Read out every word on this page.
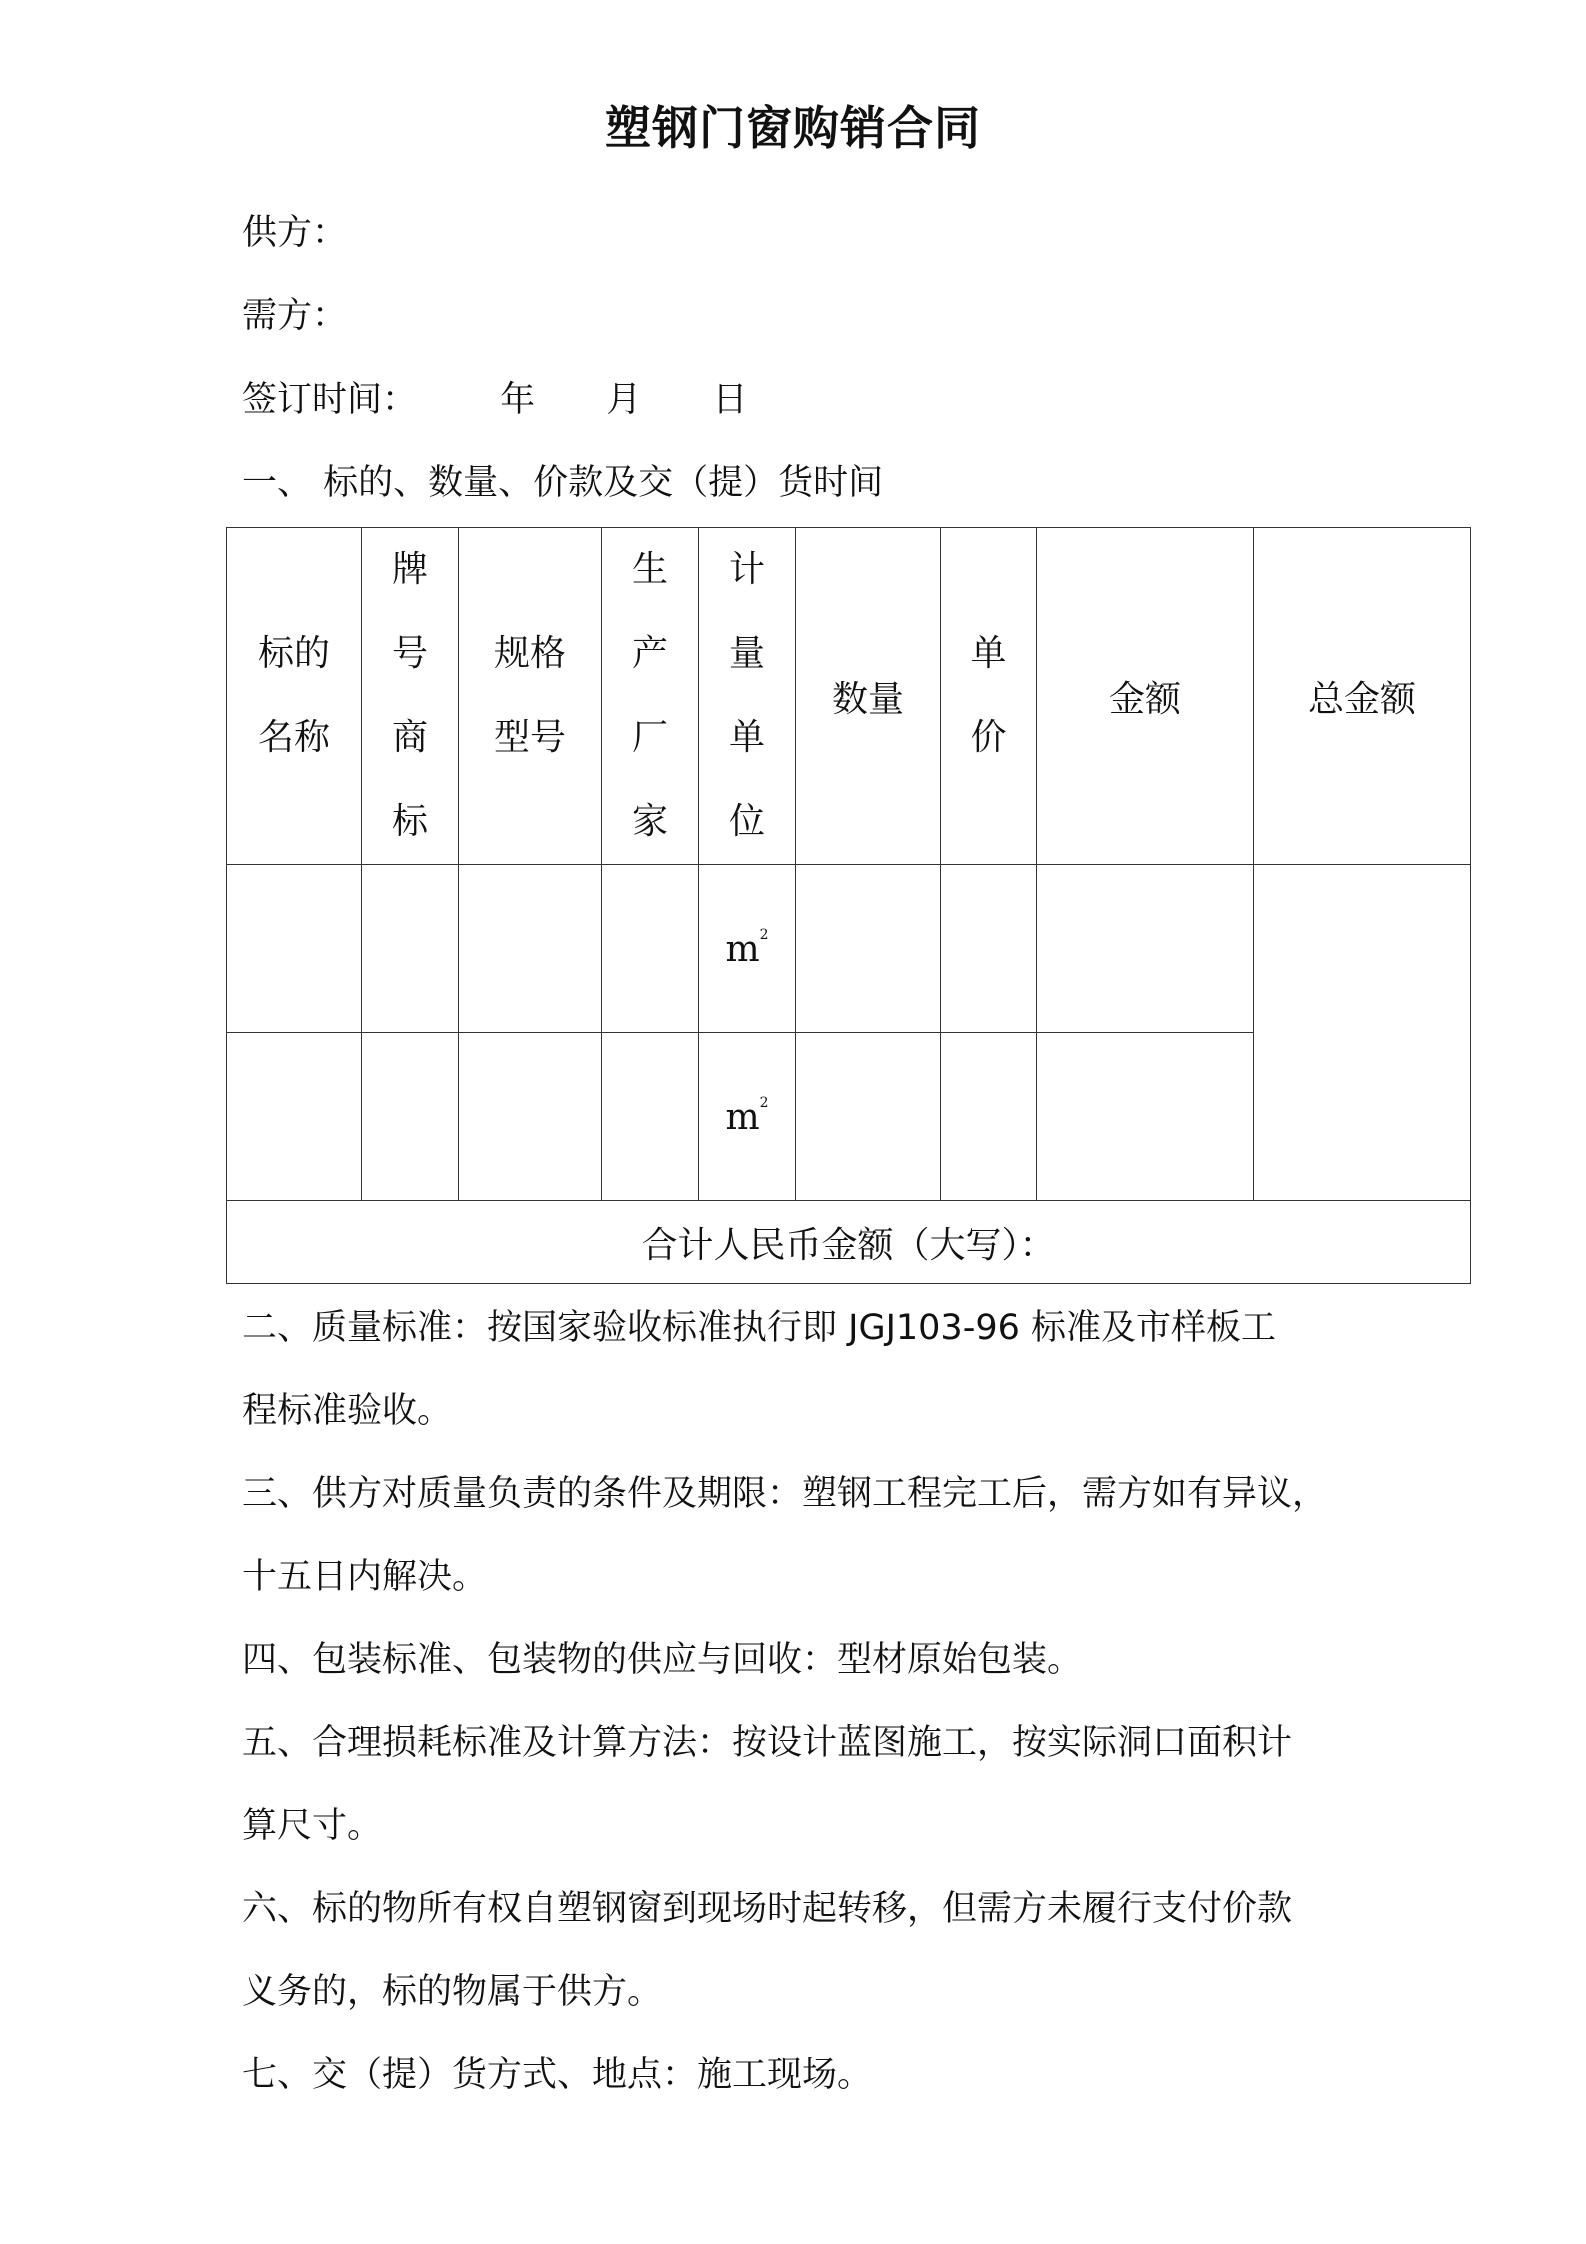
塑钢门窗购销合同
供方：
需方：
签订时间： 年 月 日
一、 标的、数量、价款及交（提）货时间
标的名称	牌号商标	规格型号	生产厂家	计量单位	数量	单价	金额	总金额
				$m^2$				
				$m^2$			
合计人民币金额（大写）：								
二、质量标准：按国家验收标准执行即 JGJ103-96 标准及市样板工
程标准验收。
三、供方对质量负责的条件及期限：塑钢工程完工后，需方如有异议，
十五日内解决。
四、包装标准、包装物的供应与回收：型材原始包装。
五、合理损耗标准及计算方法：按设计蓝图施工，按实际洞口面积计
算尺寸。
六、标的物所有权自塑钢窗到现场时起转移，但需方未履行支付价款
义务的，标的物属于供方。
七、交（提）货方式、地点：施工现场。
